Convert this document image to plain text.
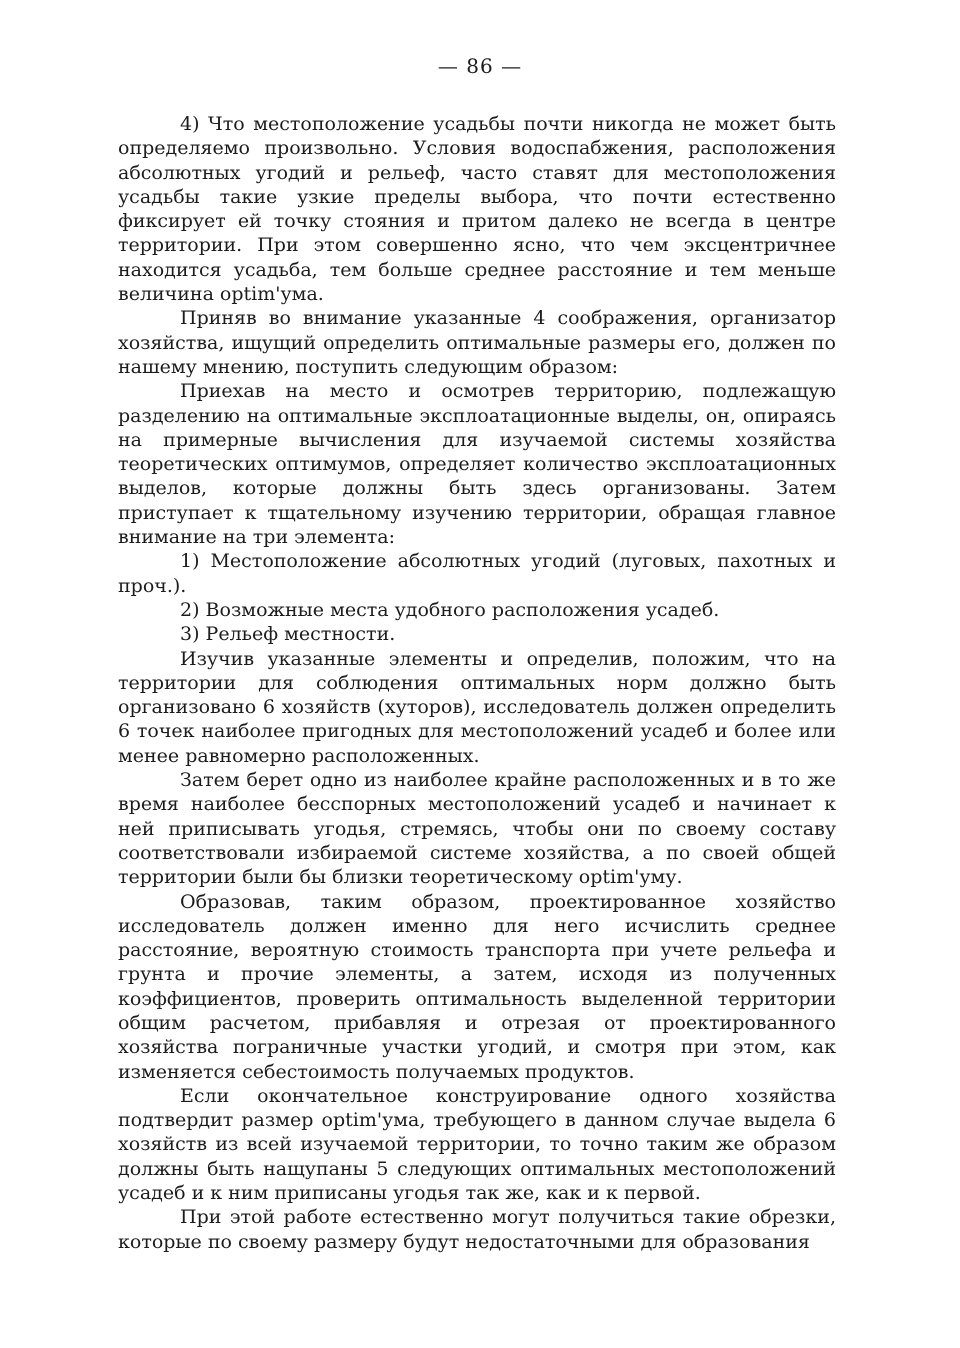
— 86 —

4) Что местоположение усадьбы почти никогда не может быть определяемо произвольно. Условия водоспабжения, расположения абсолютных угодий и рельеф, часто ставят для местоположения усадьбы такие узкие пределы выбора, что почти естественно фиксирует ей точку стояния и притом далеко не всегда в центре территории. При этом совершенно ясно, что чем эксцентричнее находится усадьба, тем больше среднее расстояние и тем меньше величина optim'ума.

Приняв во внимание указанные 4 соображения, организатор хозяйства, ищущий определить оптимальные размеры его, должен по нашему мнению, поступить следующим образом:

Приехав на место и осмотрев территорию, подлежащую разделению на оптимальные эксплоатационные выделы, он, опираясь на примерные вычисления для изучаемой системы хозяйства теоретических оптимумов, определяет количество эксплоатационных выделов, которые должны быть здесь организованы. Затем приступает к тщательному изучению территории, обращая главное внимание на три элемента:

1) Местоположение абсолютных угодий (луговых, пахотных и проч.).

2) Возможные места удобного расположения усадеб.

3) Рельеф местности.

Изучив указанные элементы и определив, положим, что на территории для соблюдения оптимальных норм должно быть организовано 6 хозяйств (хуторов), исследователь должен определить 6 точек наиболее пригодных для местоположений усадеб и более или менее равномерно расположенных.

Затем берет одно из наиболее крайне расположенных и в то же время наиболее бесспорных местоположений усадеб и начинает к ней приписывать угодья, стремясь, чтобы они по своему составу соответствовали избираемой системе хозяйства, а по своей общей территории были бы близки теоретическому optim'уму.

Образовав, таким образом, проектированное хозяйство исследователь должен именно для него исчислить среднее расстояние, вероятную стоимость транспорта при учете рельефа и грунта и прочие элементы, а затем, исходя из полученных коэффициентов, проверить оптимальность выделенной территории общим расчетом, прибавляя и отрезая от проектированного хозяйства пограничные участки угодий, и смотря при этом, как изменяется себестоимость получаемых продуктов.

Если окончательное конструирование одного хозяйства подтвердит размер optim'ума, требующего в данном случае выдела 6 хозяйств из всей изучаемой территории, то точно таким же образом должны быть нащупаны 5 следующих оптимальных местоположений усадеб и к ним приписаны угодья так же, как и к первой.

При этой работе естественно могут получиться такие обрезки, которые по своему размеру будут недостаточными для образования
